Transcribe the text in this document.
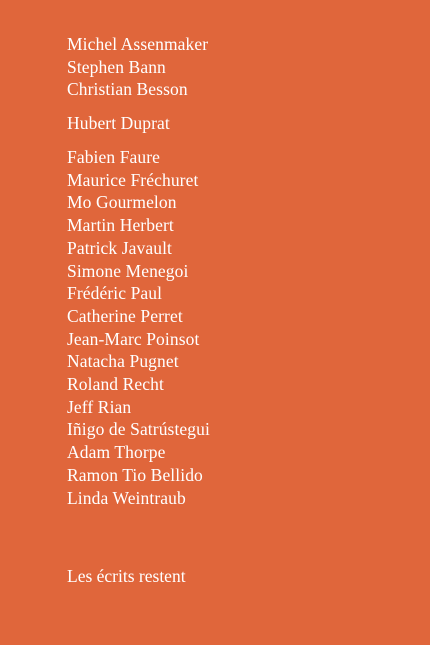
Michel Assenmaker
Stephen Bann
Christian Besson
Hubert Duprat
Fabien Faure
Maurice Fréchuret
Mo Gourmelon
Martin Herbert
Patrick Javault
Simone Menegoi
Frédéric Paul
Catherine Perret
Jean-Marc Poinsot
Natacha Pugnet
Roland Recht
Jeff Rian
Iñigo de Satrústegui
Adam Thorpe
Ramon Tio Bellido
Linda Weintraub
Les écrits restent
